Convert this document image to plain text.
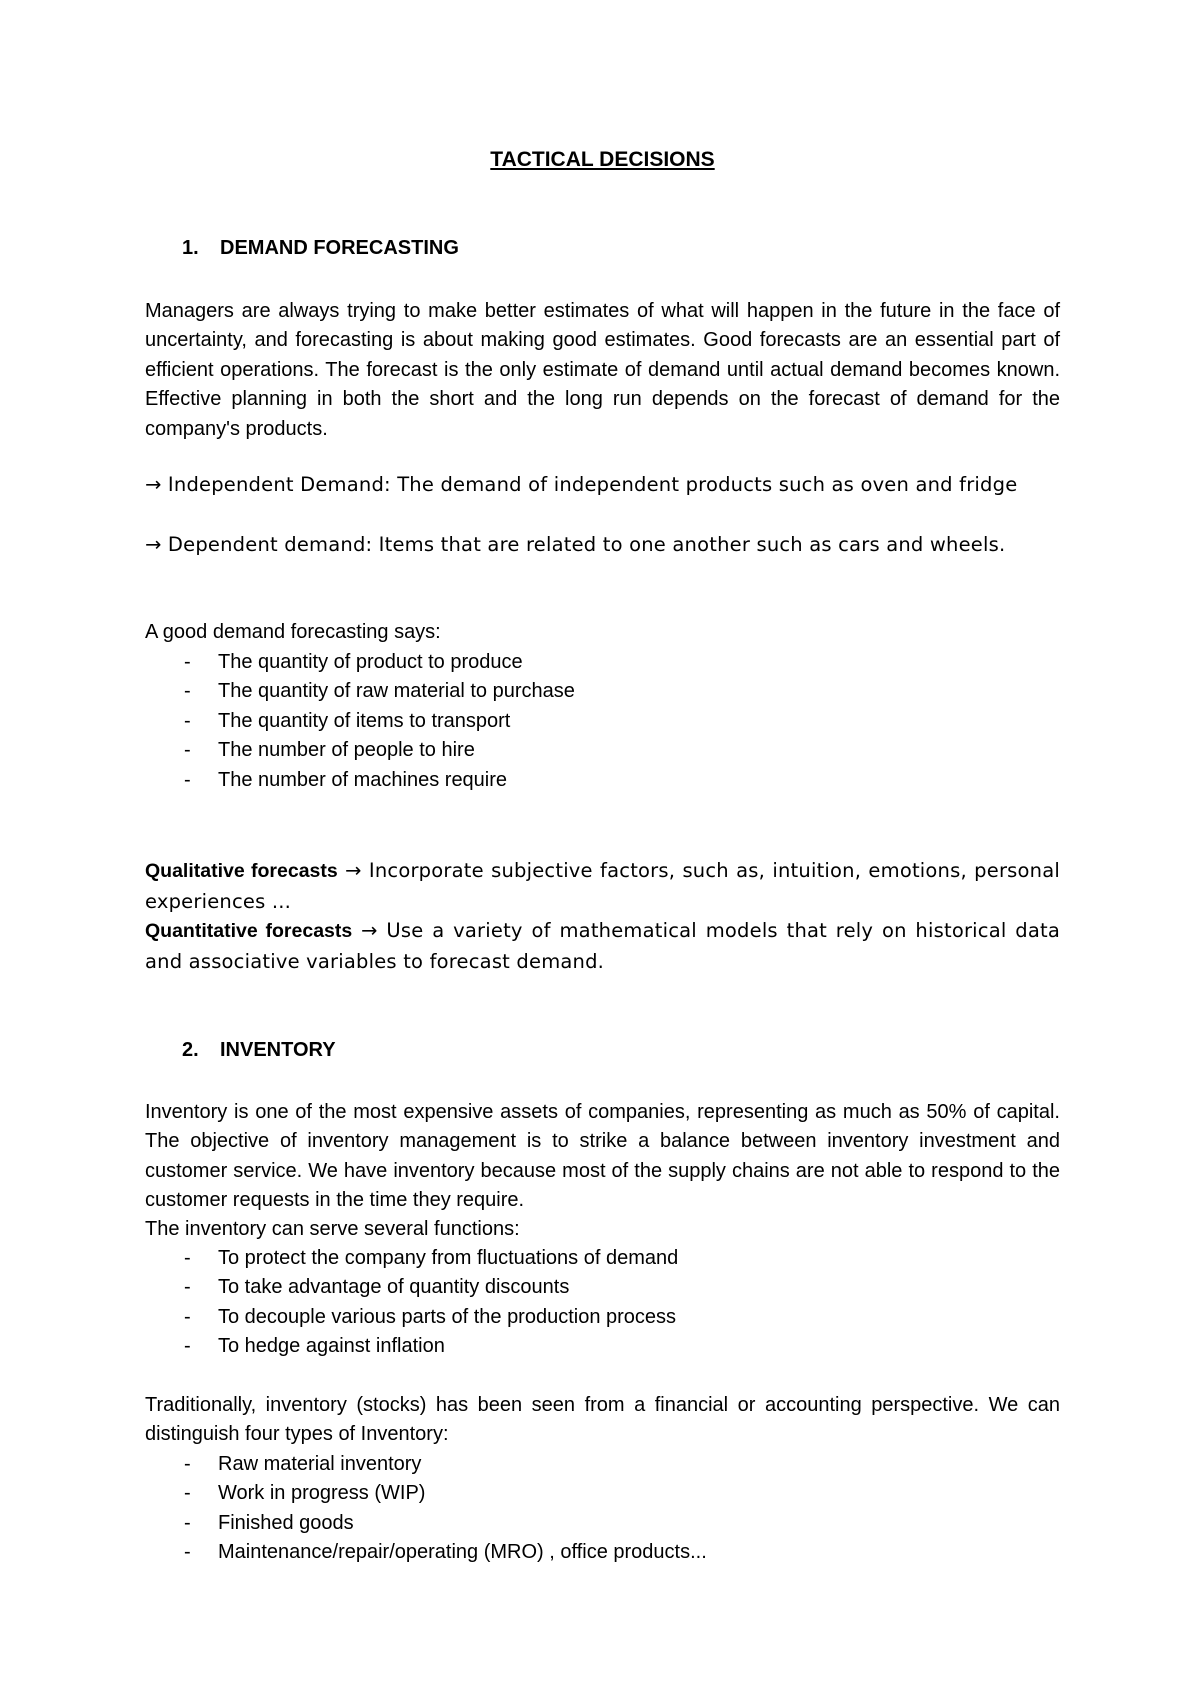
TACTICAL DECISIONS
1. DEMAND FORECASTING

Managers are always trying to make better estimates of what will happen in the future in the face of uncertainty, and forecasting is about making good estimates. Good forecasts are an essential part of efficient operations. The forecast is the only estimate of demand until actual demand becomes known. Effective planning in both the short and the long run depends on the forecast of demand for the company's products.

→ Independent Demand: The demand of independent products such as oven and fridge

→ Dependent demand: Items that are related to one another such as cars and wheels.

A good demand forecasting says:

- The quantity of product to produce
- The quantity of raw material to purchase
- The quantity of items to transport
- The number of people to hire
- The number of machines require

Qualitative forecasts → Incorporate subjective factors, such as, intuition, emotions, personal experiences ...

Quantitative forecasts → Use a variety of mathematical models that rely on historical data and associative variables to forecast demand.

2. INVENTORY

Inventory is one of the most expensive assets of companies, representing as much as 50% of capital. The objective of inventory management is to strike a balance between inventory investment and customer service. We have inventory because most of the supply chains are not able to respond to the customer requests in the time they require.

The inventory can serve several functions:

- To protect the company from fluctuations of demand
- To take advantage of quantity discounts
- To decouple various parts of the production process
- To hedge against inflation

Traditionally, inventory (stocks) has been seen from a financial or accounting perspective. We can distinguish four types of Inventory:

- Raw material inventory
- Work in progress (WIP)
- Finished goods
- Maintenance/repair/operating (MRO) , office products...
